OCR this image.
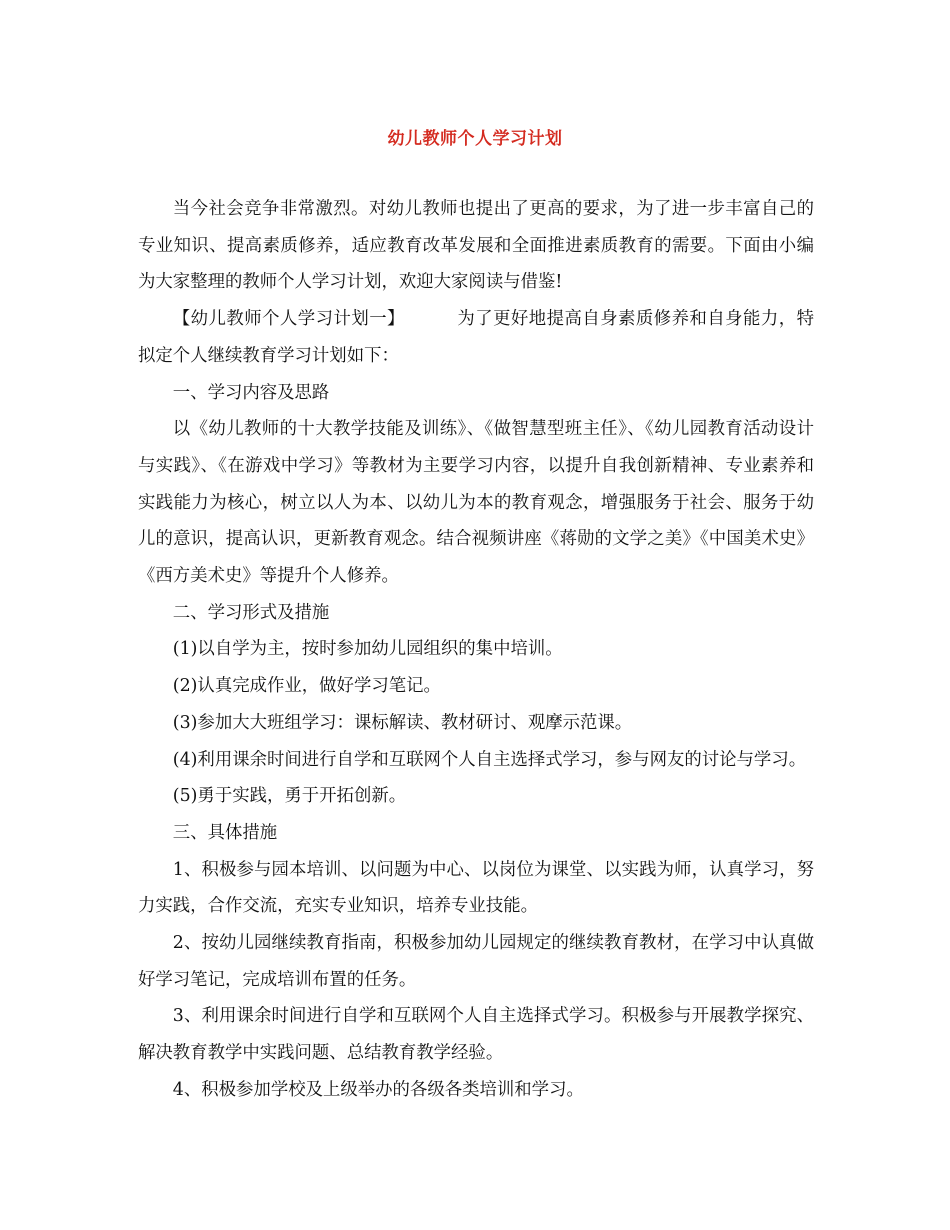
幼儿教师个人学习计划

当今社会竞争非常激烈。对幼儿教师也提出了更高的要求，为了进一步丰富自己的专业知识、提高素质修养，适应教育改革发展和全面推进素质教育的需要。下面由小编为大家整理的教师个人学习计划，欢迎大家阅读与借鉴!

【幼儿教师个人学习计划一】	为了更好地提高自身素质修养和自身能力，特拟定个人继续教育学习计划如下：

一、学习内容及思路

以《幼儿教师的十大教学技能及训练》、《做智慧型班主任》、《幼儿园教育活动设计与实践》、《在游戏中学习》等教材为主要学习内容，以提升自我创新精神、专业素养和实践能力为核心，树立以人为本、以幼儿为本的教育观念，增强服务于社会、服务于幼儿的意识，提高认识，更新教育观念。结合视频讲座《蒋勋的文学之美》《中国美术史》《西方美术史》等提升个人修养。

二、学习形式及措施

(1)以自学为主，按时参加幼儿园组织的集中培训。

(2)认真完成作业，做好学习笔记。

(3)参加大大班组学习：课标解读、教材研讨、观摩示范课。

(4)利用课余时间进行自学和互联网个人自主选择式学习，参与网友的讨论与学习。

(5)勇于实践，勇于开拓创新。

三、具体措施

1、积极参与园本培训、以问题为中心、以岗位为课堂、以实践为师，认真学习，努力实践，合作交流，充实专业知识，培养专业技能。

2、按幼儿园继续教育指南，积极参加幼儿园规定的继续教育教材，在学习中认真做好学习笔记，完成培训布置的任务。

3、利用课余时间进行自学和互联网个人自主选择式学习。积极参与开展教学探究、解决教育教学中实践问题、总结教育教学经验。

4、积极参加学校及上级举办的各级各类培训和学习。
